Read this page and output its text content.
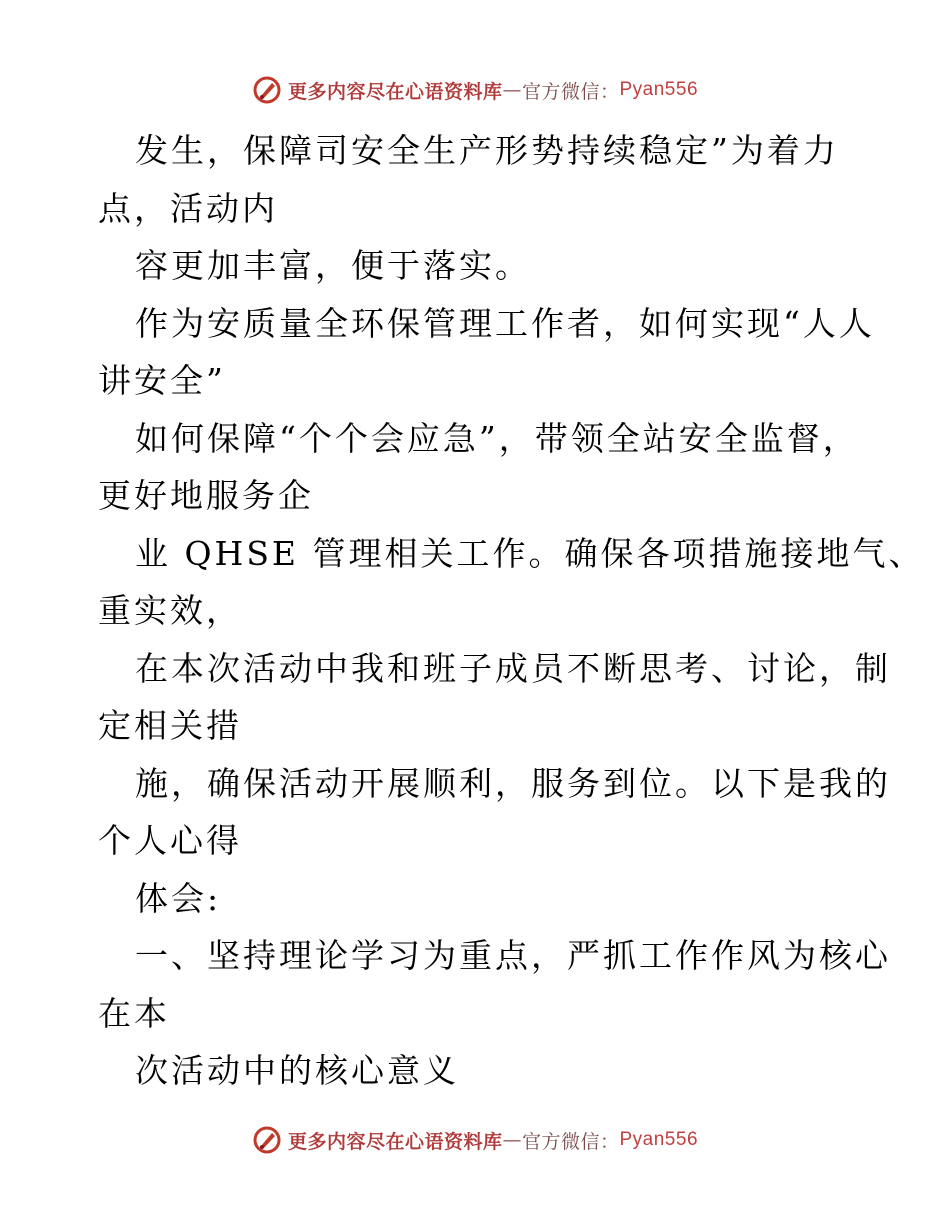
更多内容尽在心语资料库 — 官方微信： Pyan556
发生，保障司安全生产形势持续稳定”为着力
点，活动内
容更加丰富，便于落实。
作为安质量全环保管理工作者，如何实现“人人
讲安全”
如何保障“个个会应急”，带领全站安全监督，
更好地服务企
业 QHSE 管理相关工作。确保各项措施接地气、
重实效，
在本次活动中我和班子成员不断思考、讨论，制
定相关措
施，确保活动开展顺利，服务到位。以下是我的
个人心得
体会:
一、坚持理论学习为重点，严抓工作作风为核心
在本
次活动中的核心意义
更多内容尽在心语资料库 — 官方微信： Pyan556
